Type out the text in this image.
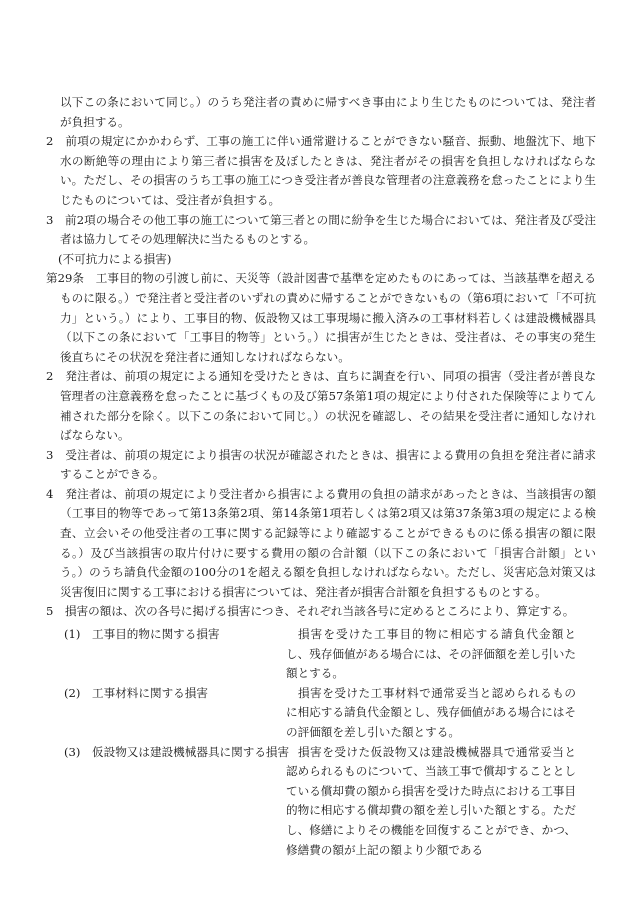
以下この条において同じ。）のうち発注者の責めに帰すべき事由により生じたものについては、発注者が負担する。

2　前項の規定にかかわらず、工事の施工に伴い通常避けることができない騒音、振動、地盤沈下、地下水の断絶等の理由により第三者に損害を及ぼしたときは、発注者がその損害を負担しなければならない。ただし、その損害のうち工事の施工につき受注者が善良な管理者の注意義務を怠ったことにより生じたものについては、受注者が負担する。

3　前2項の場合その他工事の施工について第三者との間に紛争を生じた場合においては、発注者及び受注者は協力してその処理解決に当たるものとする。

(不可抗力による損害)

第29条　工事目的物の引渡し前に、天災等（設計図書で基準を定めたものにあっては、当該基準を超えるものに限る。）で発注者と受注者のいずれの責めに帰することができないもの（第6項において「不可抗力」という。）により、工事目的物、仮設物又は工事現場に搬入済みの工事材料若しくは建設機械器具（以下この条において「工事目的物等」という。）に損害が生じたときは、受注者は、その事実の発生後直ちにその状況を発注者に通知しなければならない。

2　発注者は、前項の規定による通知を受けたときは、直ちに調査を行い、同項の損害（受注者が善良な管理者の注意義務を怠ったことに基づくもの及び第57条第1項の規定により付された保険等によりてん補された部分を除く。以下この条において同じ。）の状況を確認し、その結果を受注者に通知しなければならない。

3　受注者は、前項の規定により損害の状況が確認されたときは、損害による費用の負担を発注者に請求することができる。

4　発注者は、前項の規定により受注者から損害による費用の負担の請求があったときは、当該損害の額（工事目的物等であって第13条第2項、第14条第1項若しくは第2項又は第37条第3項の規定による検査、立会いその他受注者の工事に関する記録等により確認することができるものに係る損害の額に限る。）及び当該損害の取片付けに要する費用の額の合計額（以下この条において「損害合計額」という。）のうち請負代金額の100分の1を超える額を負担しなければならない。ただし、災害応急対策又は災害復旧に関する工事における損害については、発注者が損害合計額を負担するものとする。

5　損害の額は、次の各号に掲げる損害につき、それぞれ当該各号に定めるところにより、算定する。

(1)　工事目的物に関する損害	損害を受けた工事目的物に相応する請負代金額とし、残存価値がある場合には、その評価額を差し引いた額とする。
(2)　工事材料に関する損害	損害を受けた工事材料で通常妥当と認められるものに相応する請負代金額とし、残存価値がある場合にはその評価額を差し引いた額とする。
(3)　仮設物又は建設機械器具に関する損害 損害を受けた仮設物又は建設機械器具で通常妥当と認められるものについて、当該工事で償却することとしている償却費の額から損害を受けた時点における工事目的物に相応する償却費の額を差し引いた額とする。ただし、修繕によりその機能を回復することができ、かつ、修繕費の額が上記の額より少額である
